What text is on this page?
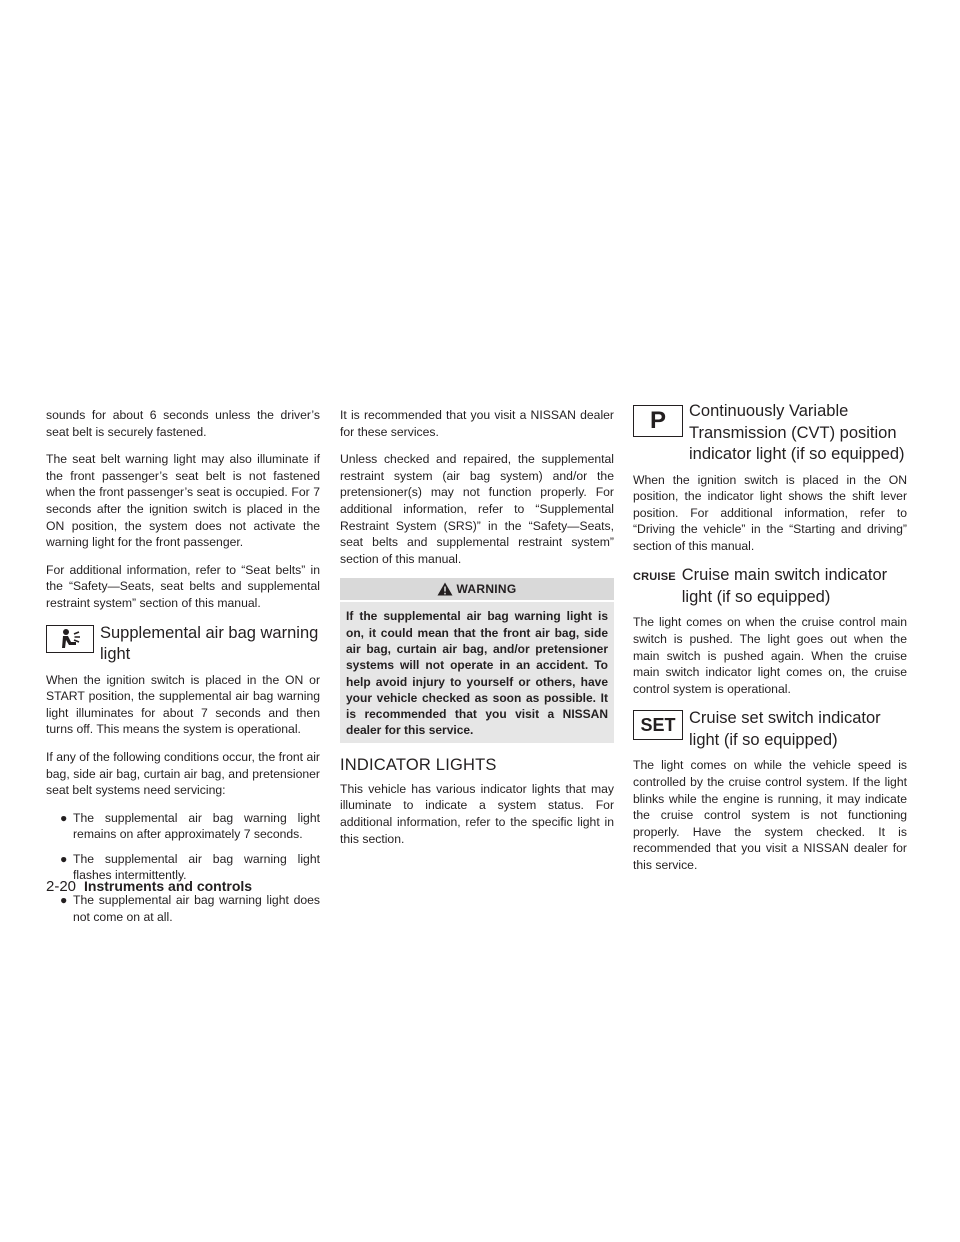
sounds for about 6 seconds unless the driver’s seat belt is securely fastened.

The seat belt warning light may also illuminate if the front passenger’s seat belt is not fastened when the front passenger’s seat is occupied. For 7 seconds after the ignition switch is placed in the ON position, the system does not activate the warning light for the front passenger.

For additional information, refer to “Seat belts” in the “Safety—Seats, seat belts and supplemental restraint system” section of this manual.

Supplemental air bag warning light

When the ignition switch is placed in the ON or START position, the supplemental air bag warning light illuminates for about 7 seconds and then turns off. This means the system is operational.

If any of the following conditions occur, the front air bag, side air bag, curtain air bag, and pretensioner seat belt systems need servicing:

● The supplemental air bag warning light remains on after approximately 7 seconds.
● The supplemental air bag warning light flashes intermittently.
● The supplemental air bag warning light does not come on at all.

It is recommended that you visit a NISSAN dealer for these services.

Unless checked and repaired, the supplemental restraint system (air bag system) and/or the pretensioner(s) may not function properly. For additional information, refer to “Supplemental Restraint System (SRS)” in the “Safety—Seats, seat belts and supplemental restraint system” section of this manual.

WARNING
If the supplemental air bag warning light is on, it could mean that the front air bag, side air bag, curtain air bag, and/or pretensioner systems will not operate in an accident. To help avoid injury to yourself or others, have your vehicle checked as soon as possible. It is recommended that you visit a NISSAN dealer for this service.
INDICATOR LIGHTS

This vehicle has various indicator lights that may illuminate to indicate a system status. For additional information, refer to the specific light in this section.

P	Continuously Variable Transmission (CVT) position indicator light (if so equipped)

When the ignition switch is placed in the ON position, the indicator light shows the shift lever position. For additional information, refer to “Driving the vehicle” in the “Starting and driving” section of this manual.

CRUISE Cruise main switch indicator light (if so equipped)

The light comes on when the cruise control main switch is pushed. The light goes out when the main switch is pushed again. When the cruise main switch indicator light comes on, the cruise control system is operational.

SET Cruise set switch indicator light (if so equipped)

The light comes on while the vehicle speed is controlled by the cruise control system. If the light blinks while the engine is running, it may indicate the cruise control system is not functioning properly. Have the system checked. It is recommended that you visit a NISSAN dealer for this service.

2-20 Instruments and controls
